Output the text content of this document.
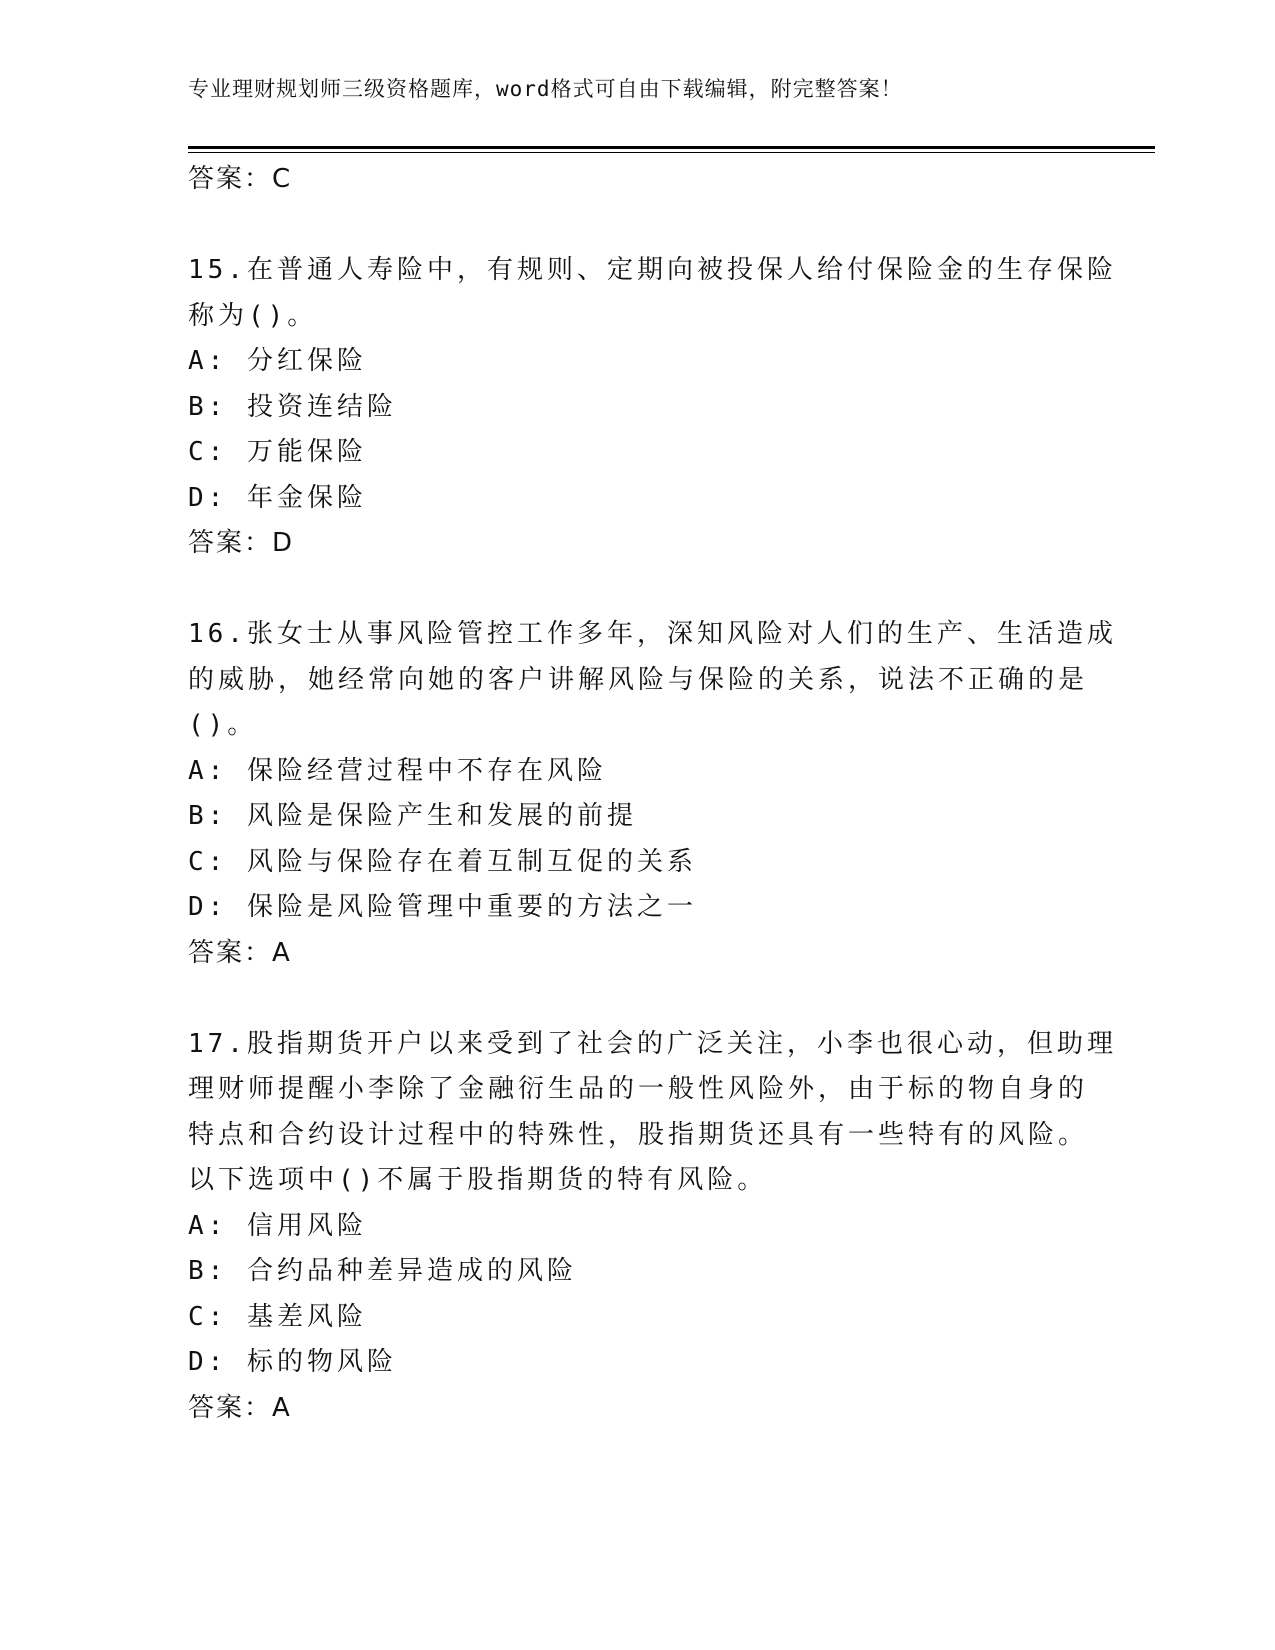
专业理财规划师三级资格题库，word格式可自由下载编辑，附完整答案！
答案：C
15.在普通人寿险中，有规则、定期向被投保人给付保险金的生存保险
称为()。
A: 分红保险
B: 投资连结险
C: 万能保险
D: 年金保险
答案：D
16.张女士从事风险管控工作多年，深知风险对人们的生产、生活造成
的威胁，她经常向她的客户讲解风险与保险的关系，说法不正确的是
()。
A: 保险经营过程中不存在风险
B: 风险是保险产生和发展的前提
C: 风险与保险存在着互制互促的关系
D: 保险是风险管理中重要的方法之一
答案：A
17.股指期货开户以来受到了社会的广泛关注，小李也很心动，但助理
理财师提醒小李除了金融衍生品的一般性风险外，由于标的物自身的
特点和合约设计过程中的特殊性，股指期货还具有一些特有的风险。
以下选项中()不属于股指期货的特有风险。
A: 信用风险
B: 合约品种差异造成的风险
C: 基差风险
D: 标的物风险
答案：A
